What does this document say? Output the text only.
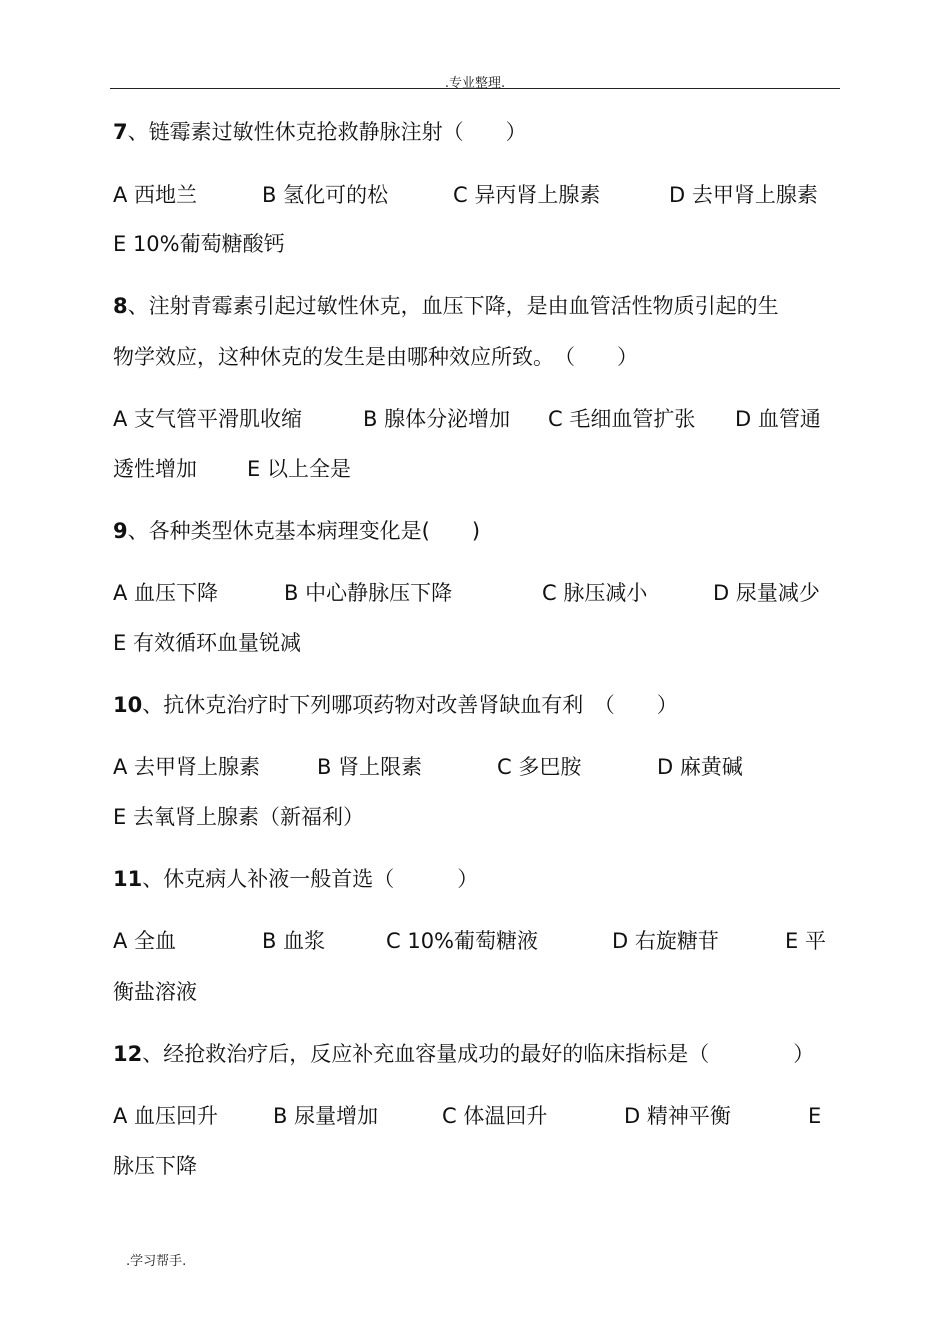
.专业整理.
7、链霉素过敏性休克抢救静脉注射（　　）
A 西地兰	B 氢化可的松	C 异丙肾上腺素	D 去甲肾上腺素
E 10%葡萄糖酸钙
8、注射青霉素引起过敏性休克，血压下降，是由血管活性物质引起的生
物学效应，这种休克的发生是由哪种效应所致。　（　　）
A 支气管平滑肌收缩	B 腺体分泌增加 C 毛细血管扩张 D 血管通
透性增加 E 以上全是
9、各种类型休克基本病理变化是(　　)
A 血压下降	B 中心静脉压下降	C 脉压减小	D 尿量减少
E 有效循环血量锐减
10、抗休克治疗时下列哪项药物对改善肾缺血有利　（　　）
A 去甲肾上腺素	B 肾上限素	C 多巴胺	D 麻黄碱
E 去氧肾上腺素（新福利）
11、休克病人补液一般首选（　　　）
A 全血	B 血浆	C 10%葡萄糖液	D 右旋糖苷	E 平
衡盐溶液
12、经抢救治疗后，反应补充血容量成功的最好的临床指标是（　　　　）
A 血压回升	B 尿量增加	C 体温回升	D 精神平衡	E
脉压下降
.学习帮手.
